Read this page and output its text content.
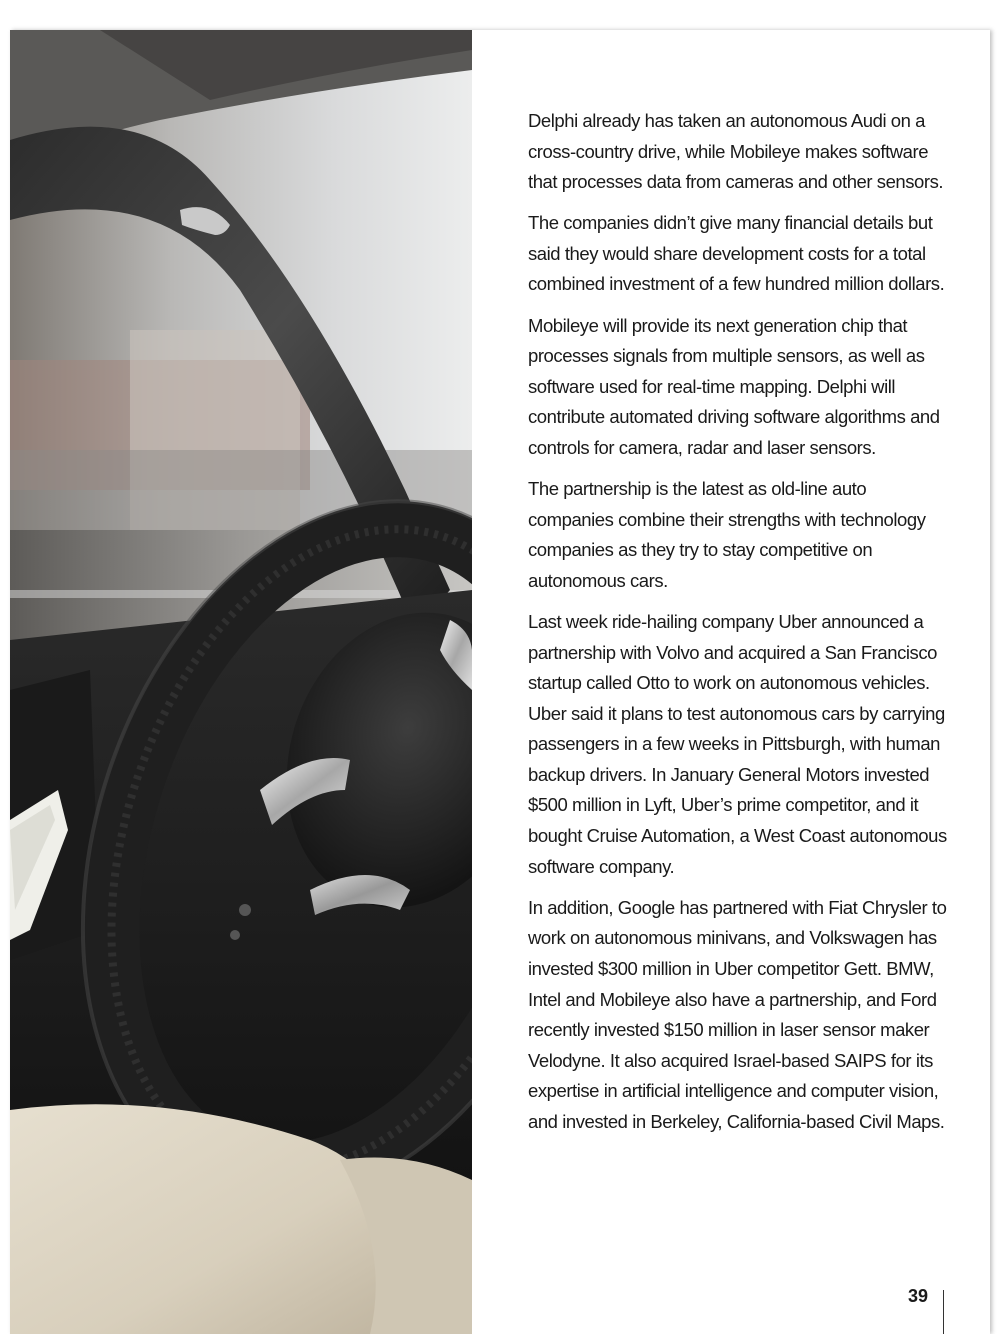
Delphi already has taken an autonomous Audi on a cross-country drive, while Mobileye makes software that processes data from cameras and other sensors.

The companies didn’t give many financial details but said they would share development costs for a total combined investment of a few hundred million dollars.

Mobileye will provide its next generation chip that processes signals from multiple sensors, as well as software used for real-time mapping. Delphi will contribute automated driving software algorithms and controls for camera, radar and laser sensors.

The partnership is the latest as old-line auto companies combine their strengths with technology companies as they try to stay competitive on autonomous cars.

Last week ride-hailing company Uber announced a partnership with Volvo and acquired a San Francisco startup called Otto to work on autonomous vehicles. Uber said it plans to test autonomous cars by carrying passengers in a few weeks in Pittsburgh, with human backup drivers. In January General Motors invested $500 million in Lyft, Uber’s prime competitor, and it bought Cruise Automation, a West Coast autonomous software company.

In addition, Google has partnered with Fiat Chrysler to work on autonomous minivans, and Volkswagen has invested $300 million in Uber competitor Gett. BMW, Intel and Mobileye also have a partnership, and Ford recently invested $150 million in laser sensor maker Velodyne. It also acquired Israel-based SAIPS for its expertise in artificial intelligence and computer vision, and invested in Berkeley, California-based Civil Maps.

39
